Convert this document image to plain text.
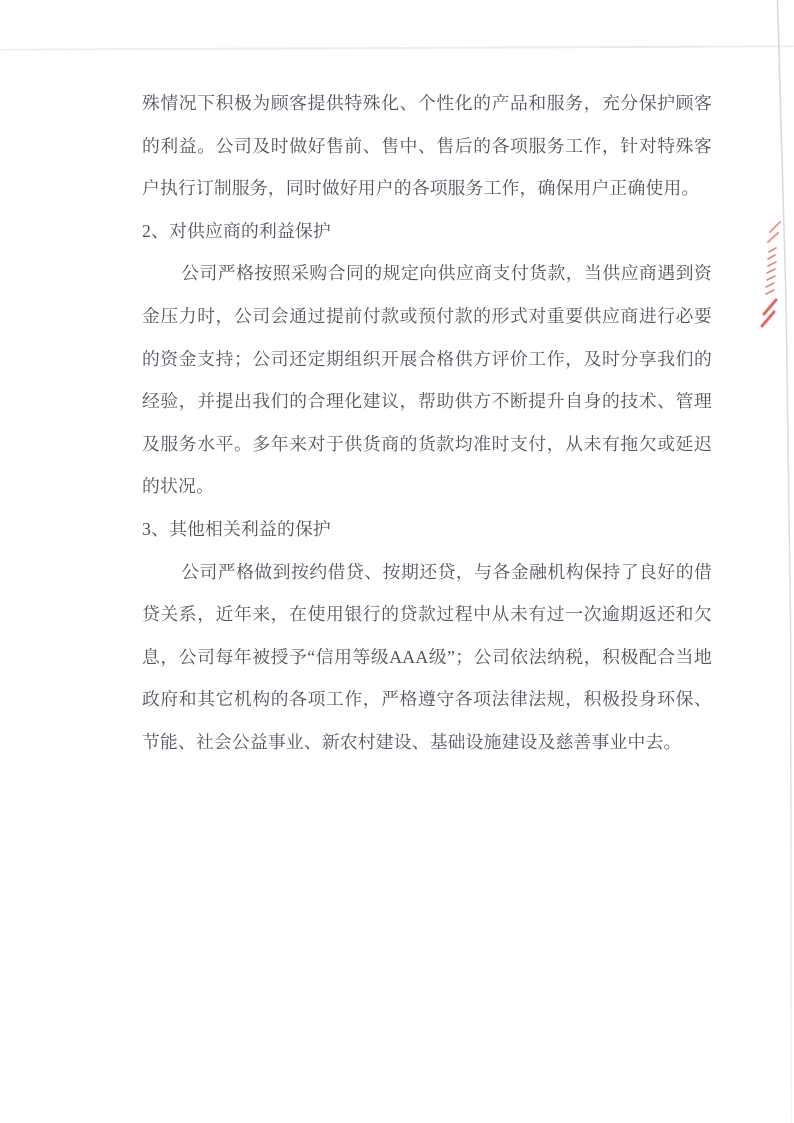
殊情况下积极为顾客提供特殊化、个性化的产品和服务，充分保护顾客的利益。公司及时做好售前、售中、售后的各项服务工作，针对特殊客户执行订制服务，同时做好用户的各项服务工作，确保用户正确使用。

2、对供应商的利益保护

公司严格按照采购合同的规定向供应商支付货款，当供应商遇到资金压力时，公司会通过提前付款或预付款的形式对重要供应商进行必要的资金支持；公司还定期组织开展合格供方评价工作，及时分享我们的经验，并提出我们的合理化建议，帮助供方不断提升自身的技术、管理及服务水平。多年来对于供货商的货款均准时支付，从未有拖欠或延迟的状况。

3、其他相关利益的保护

公司严格做到按约借贷、按期还贷，与各金融机构保持了良好的借贷关系，近年来，在使用银行的贷款过程中从未有过一次逾期返还和欠息，公司每年被授予“信用等级AAA级”；公司依法纳税，积极配合当地政府和其它机构的各项工作，严格遵守各项法律法规，积极投身环保、节能、社会公益事业、新农村建设、基础设施建设及慈善事业中去。
